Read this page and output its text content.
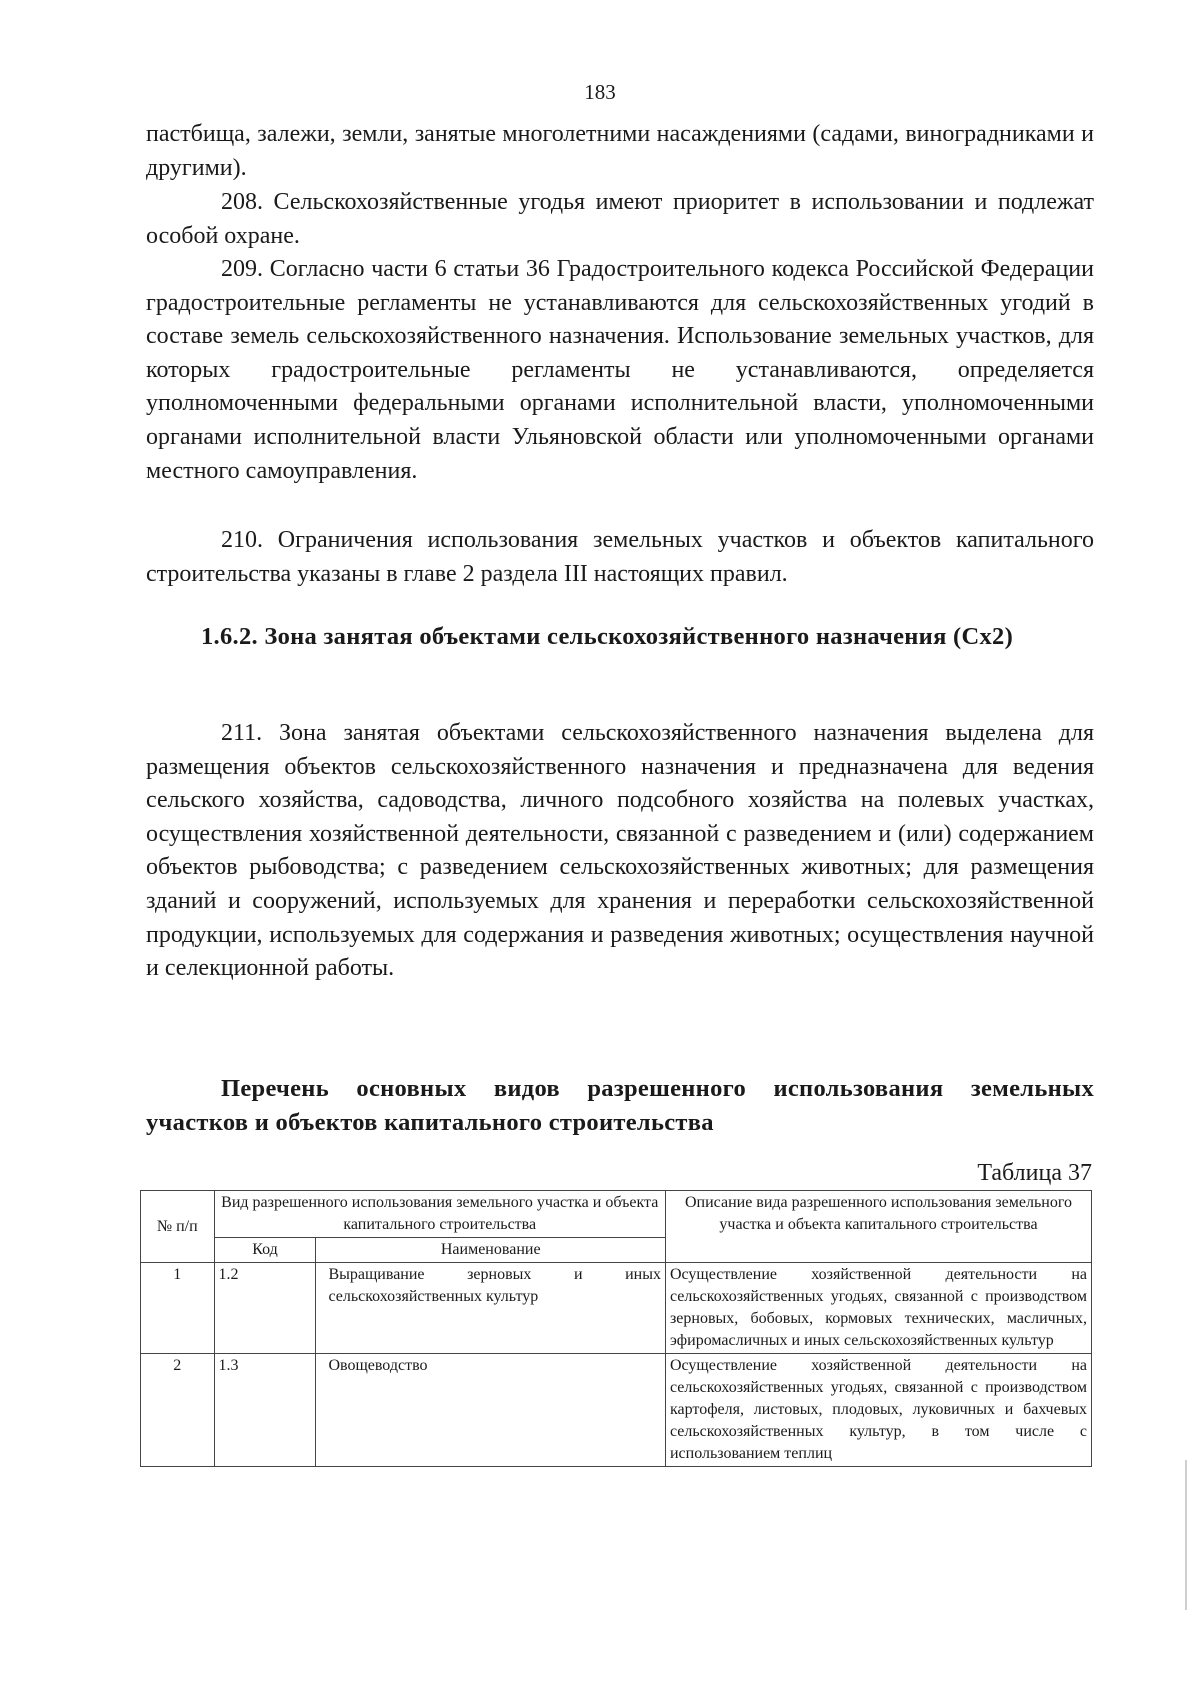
183

пастбища, залежи, земли, занятые многолетними насаждениями (садами, виноградниками и другими).

208. Сельскохозяйственные угодья имеют приоритет в использовании и подлежат особой охране.

209. Согласно части 6 статьи 36 Градостроительного кодекса Российской Федерации градостроительные регламенты не устанавливаются для сельскохозяйственных угодий в составе земель сельскохозяйственного назначения. Использование земельных участков, для которых градостроительные регламенты не устанавливаются, определяется уполномоченными федеральными органами исполнительной власти, уполномоченными органами исполнительной власти Ульяновской области или уполномоченными органами местного самоуправления.

210. Ограничения использования земельных участков и объектов капитального строительства указаны в главе 2 раздела III настоящих правил.

1.6.2. Зона занятая объектами сельскохозяйственного назначения (Сх2)

211. Зона занятая объектами сельскохозяйственного назначения выделена для размещения объектов сельскохозяйственного назначения и предназначена для ведения сельского хозяйства, садоводства, личного подсобного хозяйства на полевых участках, осуществления хозяйственной деятельности, связанной с разведением и (или) содержанием объектов рыбоводства; с разведением сельскохозяйственных животных; для размещения зданий и сооружений, используемых для хранения и переработки сельскохозяйственной продукции, используемых для содержания и разведения животных; осуществления научной и селекционной работы.

Перечень основных видов разрешенного использования земельных участков и объектов капитального строительства

Таблица 37
№ п/п	Вид разрешенного использования земельного участка и объекта капитального строительства		Описание вида разрешенного использования земельного участка и объекта капитального строительства
	Код	Наименование	
1	1.2	Выращивание зерновых и иных сельскохозяйственных культур	Осуществление хозяйственной деятельности на сельскохозяйственных угодьях, связанной с производством зерновых, бобовых, кормовых технических, масличных, эфиромасличных и иных сельскохозяйственных культур
2	1.3	Овощеводство	Осуществление хозяйственной деятельности на сельскохозяйственных угодьях, связанной с производством картофеля, листовых, плодовых, луковичных и бахчевых сельскохозяйственных культур, в том числе с использованием теплиц
